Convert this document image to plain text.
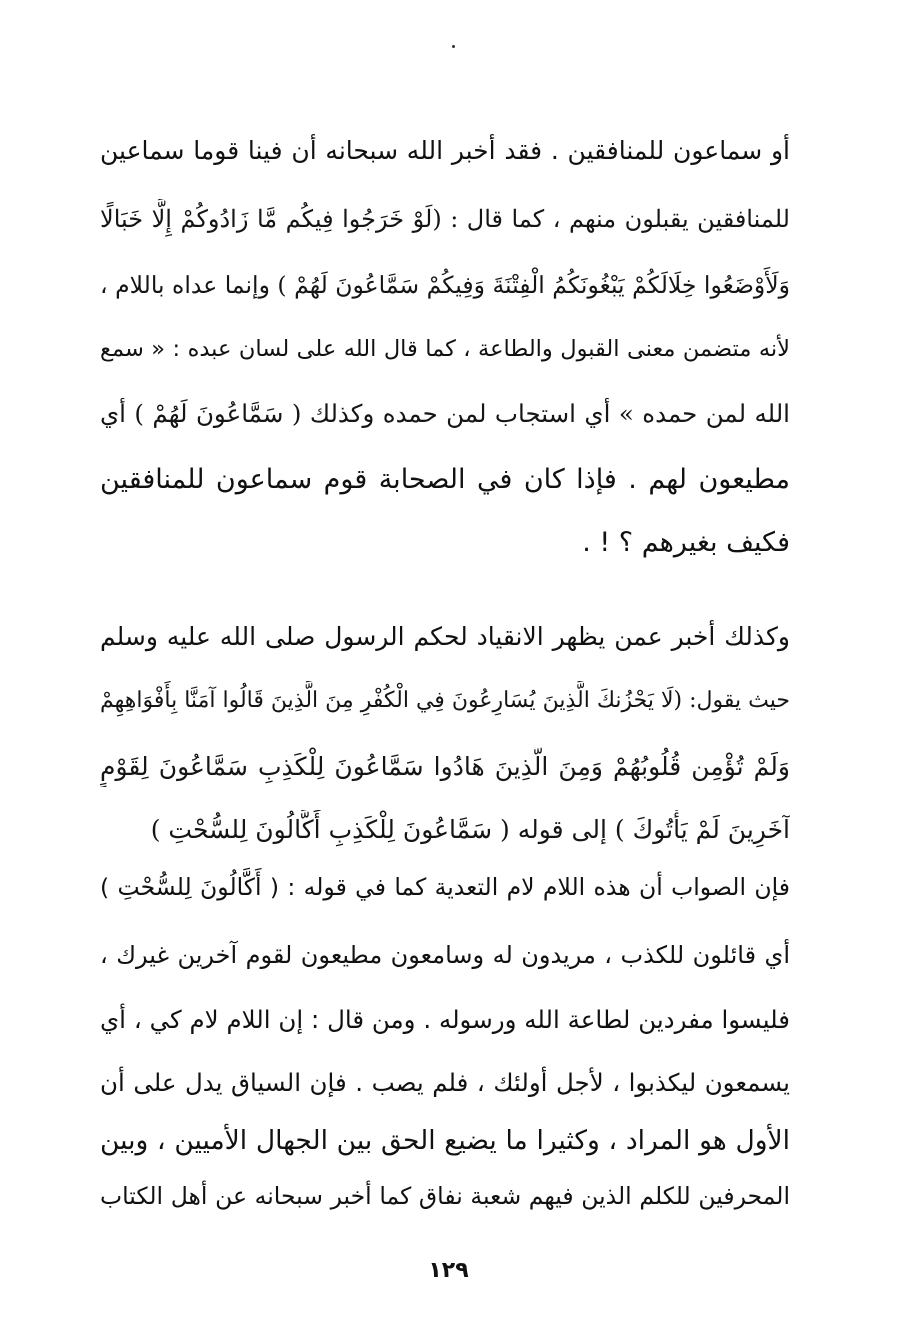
أو سماعون للمنافقين . فقد أخبر الله سبحانه أن فينا قوما سماعين
للمنافقين يقبلون منهم ، كما قال : (لَوْ خَرَجُوا فِيكُم مَّا زَادُوكُمْ إِلَّا خَبَالًا
وَلَأَوْضَعُوا خِلَالَكُمْ يَبْغُونَكُمُ الْفِتْنَةَ وَفِيكُمْ سَمَّاعُونَ لَهُمْ ) وإنما عداه باللام ،
لأنه متضمن معنى القبول والطاعة ، كما قال الله على لسان عبده : « سمع
الله لمن حمده » أي استجاب لمن حمده وكذلك ( سَمَّاعُونَ لَهُمْ ) أي
مطيعون لهم . فإذا كان في الصحابة قوم سماعون للمنافقين
فكيف بغيرهم ؟ ! .
وكذلك أخبر عمن يظهر الانقياد لحكم الرسول صلى الله عليه وسلم
حيث يقول: (لَا يَحْزُنكَ الَّذِينَ يُسَارِعُونَ فِي الْكُفْرِ مِنَ الَّذِينَ قَالُوا آمَنَّا بِأَفْوَاهِهِمْ
وَلَمْ تُؤْمِن قُلُوبُهُمْ وَمِنَ الَّذِينَ هَادُوا سَمَّاعُونَ لِلْكَذِبِ سَمَّاعُونَ لِقَوْمٍ
آخَرِينَ لَمْ يَأْتُوكَ ) إلى قوله ( سَمَّاعُونَ لِلْكَذِبِ أَكَّالُونَ لِلسُّحْتِ )
فإن الصواب أن هذه اللام لام التعدية كما في قوله : ( أَكَّالُونَ لِلسُّحْتِ )
أي قائلون للكذب ، مريدون له وسامعون مطيعون لقوم آخرين غيرك ،
فليسوا مفردين لطاعة الله ورسوله . ومن قال : إن اللام لام كي ، أي
يسمعون ليكذبوا ، لأجل أولئك ، فلم يصب . فإن السياق يدل على أن
الأول هو المراد ، وكثيرا ما يضيع الحق بين الجهال الأميين ، وبين
المحرفين للكلم الذين فيهم شعبة نفاق كما أخبر سبحانه عن أهل الكتاب
١٢٩
